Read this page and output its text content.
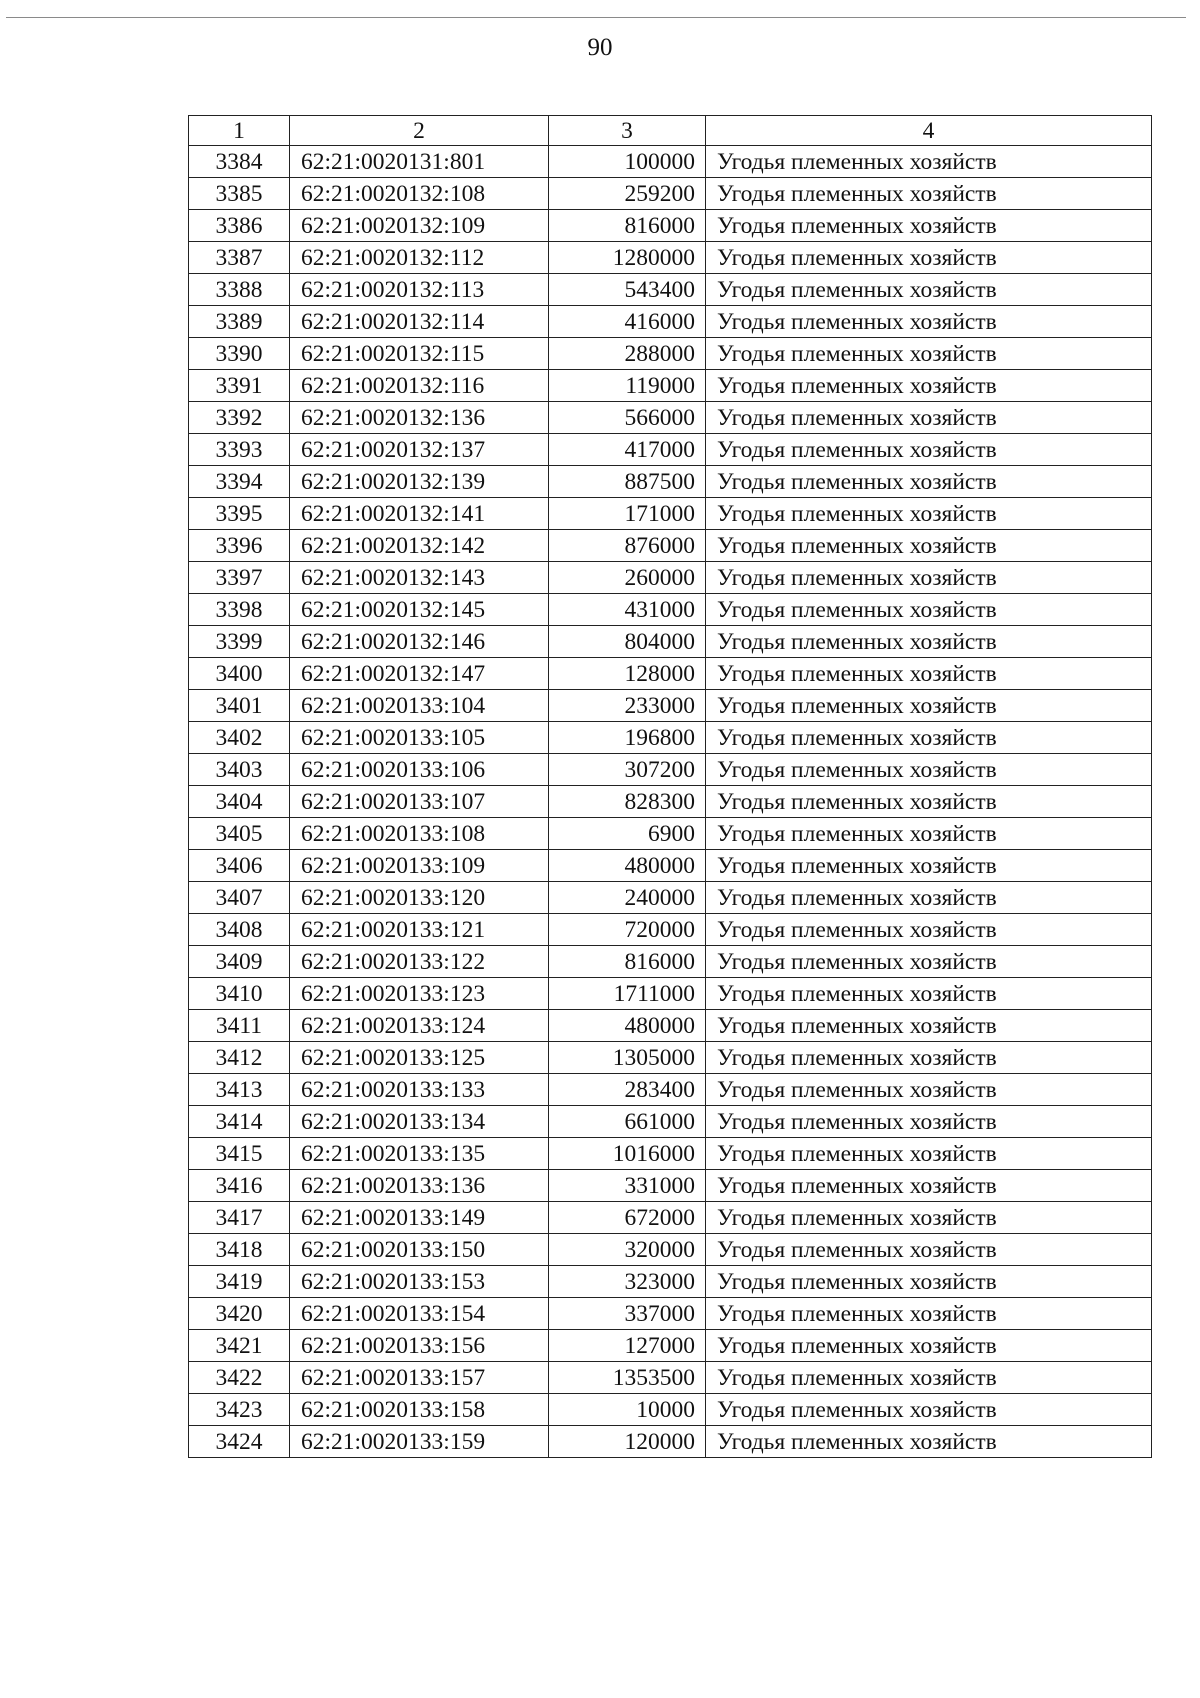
90
1	2	3	4
3384	62:21:0020131:801	100000	Угодья племенных хозяйств
3385	62:21:0020132:108	259200	Угодья племенных хозяйств
3386	62:21:0020132:109	816000	Угодья племенных хозяйств
3387	62:21:0020132:112	1280000	Угодья племенных хозяйств
3388	62:21:0020132:113	543400	Угодья племенных хозяйств
3389	62:21:0020132:114	416000	Угодья племенных хозяйств
3390	62:21:0020132:115	288000	Угодья племенных хозяйств
3391	62:21:0020132:116	119000	Угодья племенных хозяйств
3392	62:21:0020132:136	566000	Угодья племенных хозяйств
3393	62:21:0020132:137	417000	Угодья племенных хозяйств
3394	62:21:0020132:139	887500	Угодья племенных хозяйств
3395	62:21:0020132:141	171000	Угодья племенных хозяйств
3396	62:21:0020132:142	876000	Угодья племенных хозяйств
3397	62:21:0020132:143	260000	Угодья племенных хозяйств
3398	62:21:0020132:145	431000	Угодья племенных хозяйств
3399	62:21:0020132:146	804000	Угодья племенных хозяйств
3400	62:21:0020132:147	128000	Угодья племенных хозяйств
3401	62:21:0020133:104	233000	Угодья племенных хозяйств
3402	62:21:0020133:105	196800	Угодья племенных хозяйств
3403	62:21:0020133:106	307200	Угодья племенных хозяйств
3404	62:21:0020133:107	828300	Угодья племенных хозяйств
3405	62:21:0020133:108	6900	Угодья племенных хозяйств
3406	62:21:0020133:109	480000	Угодья племенных хозяйств
3407	62:21:0020133:120	240000	Угодья племенных хозяйств
3408	62:21:0020133:121	720000	Угодья племенных хозяйств
3409	62:21:0020133:122	816000	Угодья племенных хозяйств
3410	62:21:0020133:123	1711000	Угодья племенных хозяйств
3411	62:21:0020133:124	480000	Угодья племенных хозяйств
3412	62:21:0020133:125	1305000	Угодья племенных хозяйств
3413	62:21:0020133:133	283400	Угодья племенных хозяйств
3414	62:21:0020133:134	661000	Угодья племенных хозяйств
3415	62:21:0020133:135	1016000	Угодья племенных хозяйств
3416	62:21:0020133:136	331000	Угодья племенных хозяйств
3417	62:21:0020133:149	672000	Угодья племенных хозяйств
3418	62:21:0020133:150	320000	Угодья племенных хозяйств
3419	62:21:0020133:153	323000	Угодья племенных хозяйств
3420	62:21:0020133:154	337000	Угодья племенных хозяйств
3421	62:21:0020133:156	127000	Угодья племенных хозяйств
3422	62:21:0020133:157	1353500	Угодья племенных хозяйств
3423	62:21:0020133:158	10000	Угодья племенных хозяйств
3424	62:21:0020133:159	120000	Угодья племенных хозяйств
